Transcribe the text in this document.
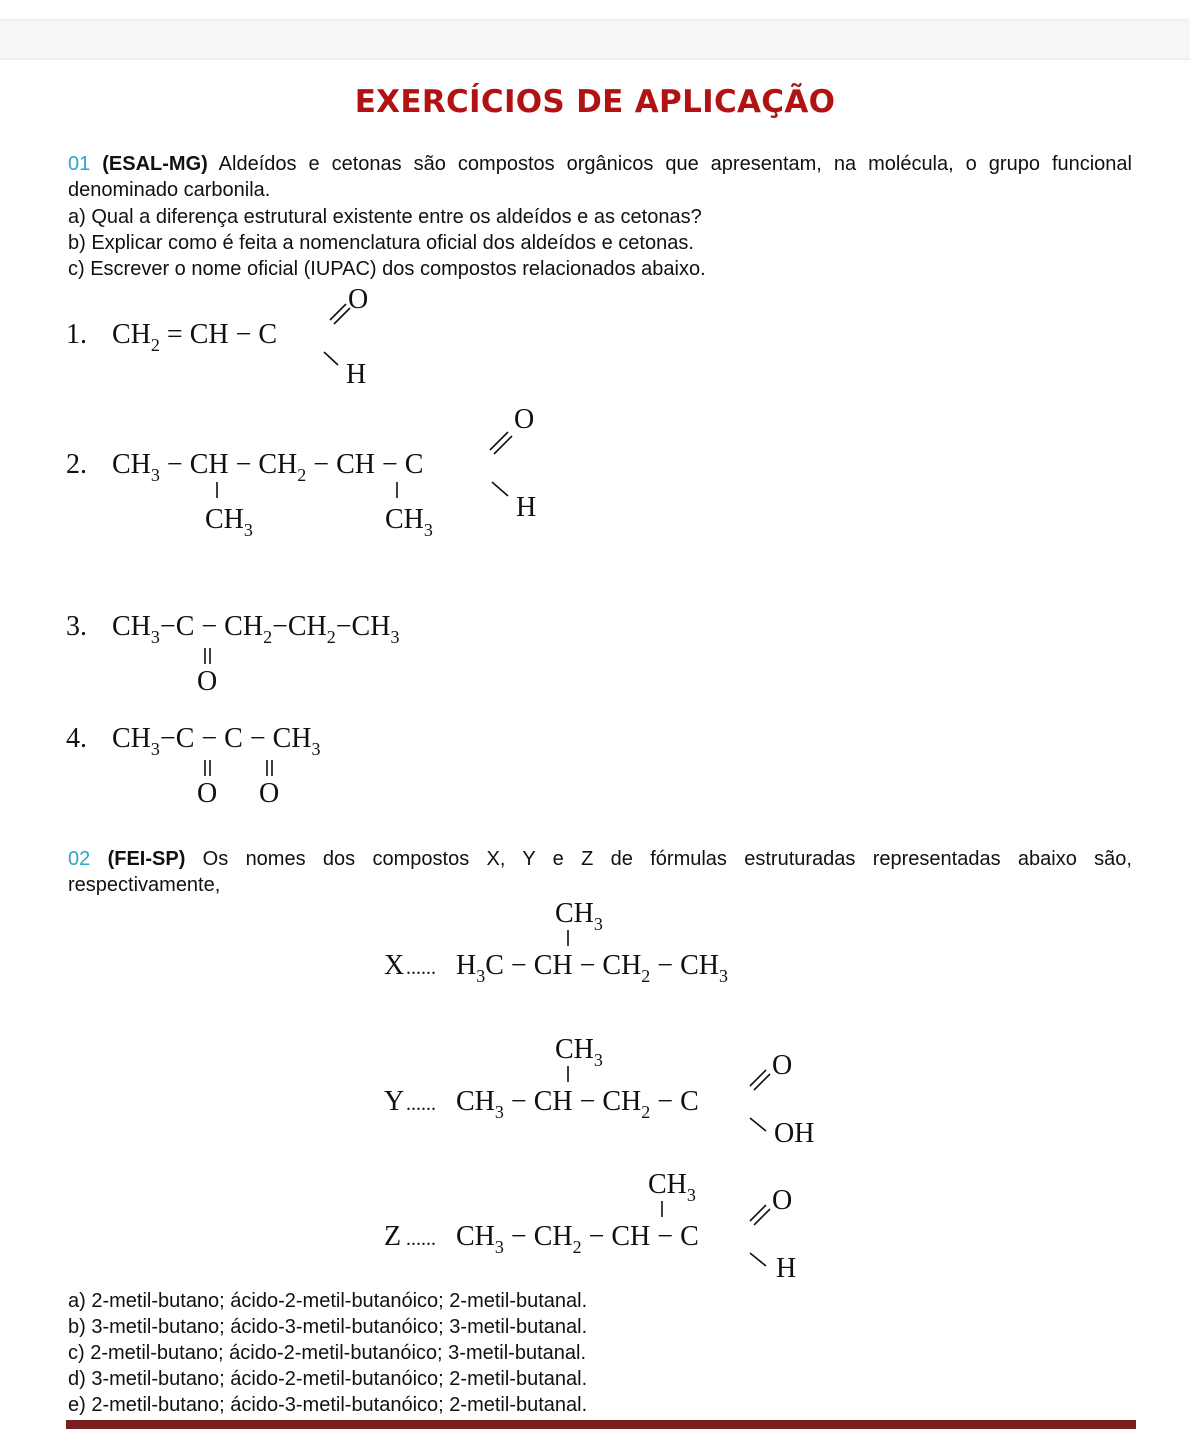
EXERCÍCIOS DE APLICAÇÃO
01 (ESAL-MG) Aldeídos e cetonas são compostos orgânicos que apresentam, na molécula, o grupo funcional
denominado carbonila.
a) Qual a diferença estrutural existente entre os aldeídos e as cetonas?
b) Explicar como é feita a nomenclatura oficial dos aldeídos e cetonas.
c) Escrever o nome oficial (IUPAC) dos compostos relacionados abaixo.
1. $CH_2$ = CH − C
O
H
2. $CH_3$ − CH − $CH_2$ − CH − C
$CH_3$	$CH_3$
O
H
3. $CH_3-C - CH_2-CH_2-CH_3$
O
4. $CH_3-C - C - CH_3$
O O
02 (FEI-SP) Os nomes dos compostos X, Y e Z de fórmulas estruturadas representadas abaixo são,
respectivamente,
X ...... $H_3C$ − CH − $CH_2 - CH_3$
$CH_3$
Y ...... $CH_3$ − CH − $CH_2 - C$
$CH_3$	O
OH
Z ...... $CH_3 - CH_2$ − CH − C
$CH_3$	O
H
a) 2-metil-butano; ácido-2-metil-butanóico; 2-metil-butanal.
b) 3-metil-butano; ácido-3-metil-butanóico; 3-metil-butanal.
c) 2-metil-butano; ácido-2-metil-butanóico; 3-metil-butanal.
d) 3-metil-butano; ácido-2-metil-butanóico; 2-metil-butanal.
e) 2-metil-butano; ácido-3-metil-butanóico; 2-metil-butanal.
